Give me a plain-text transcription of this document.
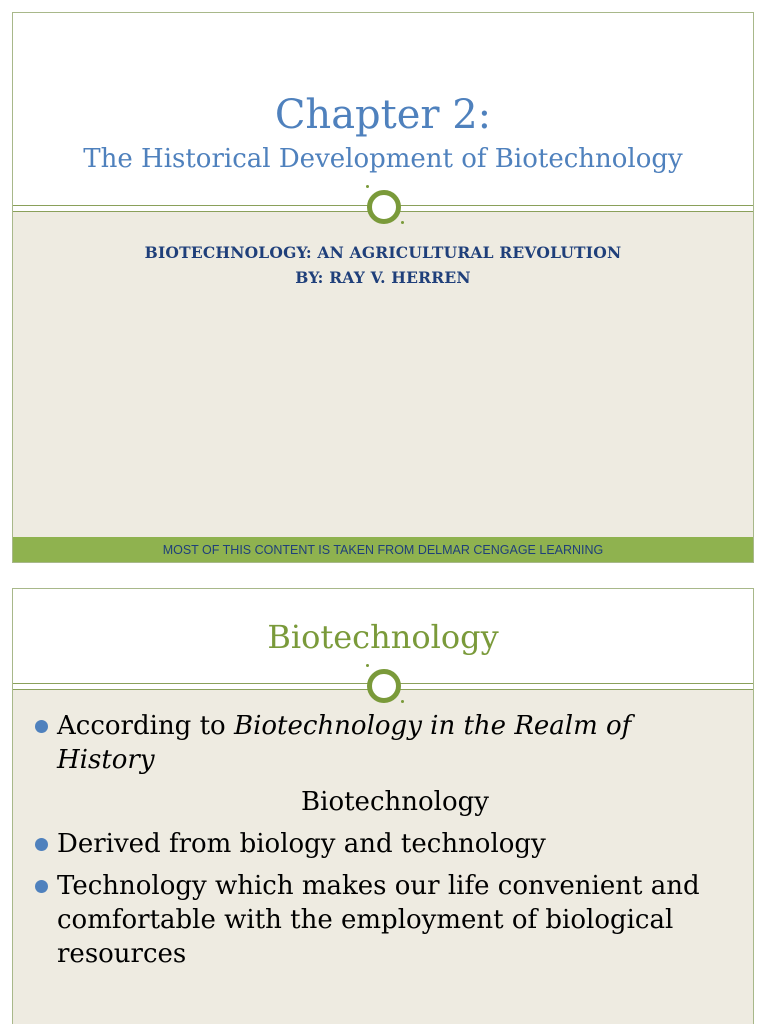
Chapter 2:
The Historical Development of Biotechnology
BIOTECHNOLOGY: AN AGRICULTURAL REVOLUTION
BY: RAY V. HERREN
MOST OF THIS CONTENT IS TAKEN FROM DELMAR CENGAGE LEARNING
Biotechnology
According to Biotechnology in the Realm of History
Biotechnology
Derived from biology and technology
Technology which makes our life convenient and comfortable with the employment of biological resources
